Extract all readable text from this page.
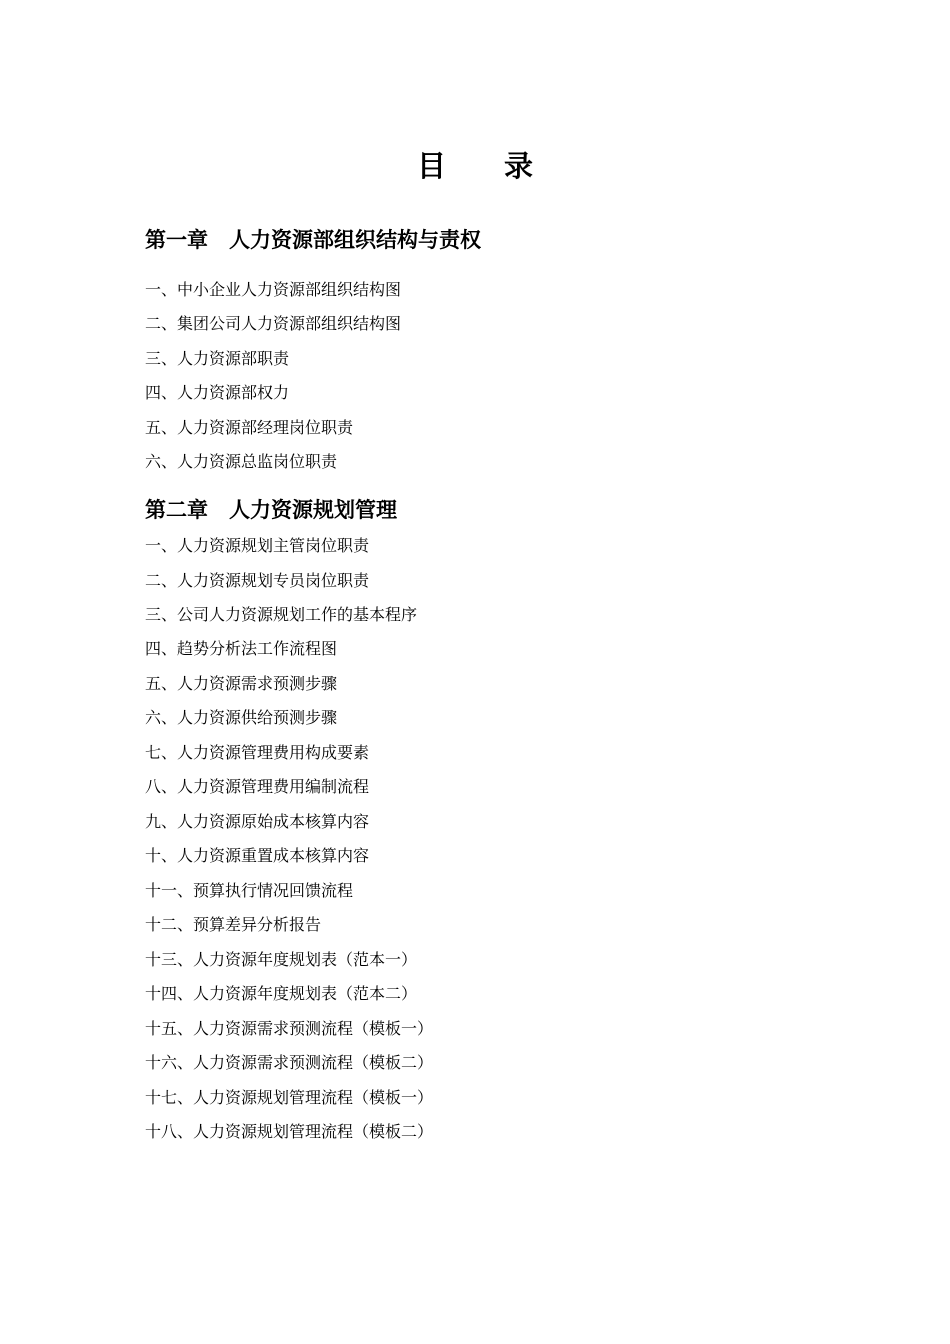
目　　录
第一章　人力资源部组织结构与责权
一、中小企业人力资源部组织结构图
二、集团公司人力资源部组织结构图
三、人力资源部职责
四、人力资源部权力
五、人力资源部经理岗位职责
六、人力资源总监岗位职责
第二章　人力资源规划管理
一、人力资源规划主管岗位职责
二、人力资源规划专员岗位职责
三、公司人力资源规划工作的基本程序
四、趋势分析法工作流程图
五、人力资源需求预测步骤
六、人力资源供给预测步骤
七、人力资源管理费用构成要素
八、人力资源管理费用编制流程
九、人力资源原始成本核算内容
十、人力资源重置成本核算内容
十一、预算执行情况回馈流程
十二、预算差异分析报告
十三、人力资源年度规划表（范本一）
十四、人力资源年度规划表（范本二）
十五、人力资源需求预测流程（模板一）
十六、人力资源需求预测流程（模板二）
十七、人力资源规划管理流程（模板一）
十八、人力资源规划管理流程（模板二）
